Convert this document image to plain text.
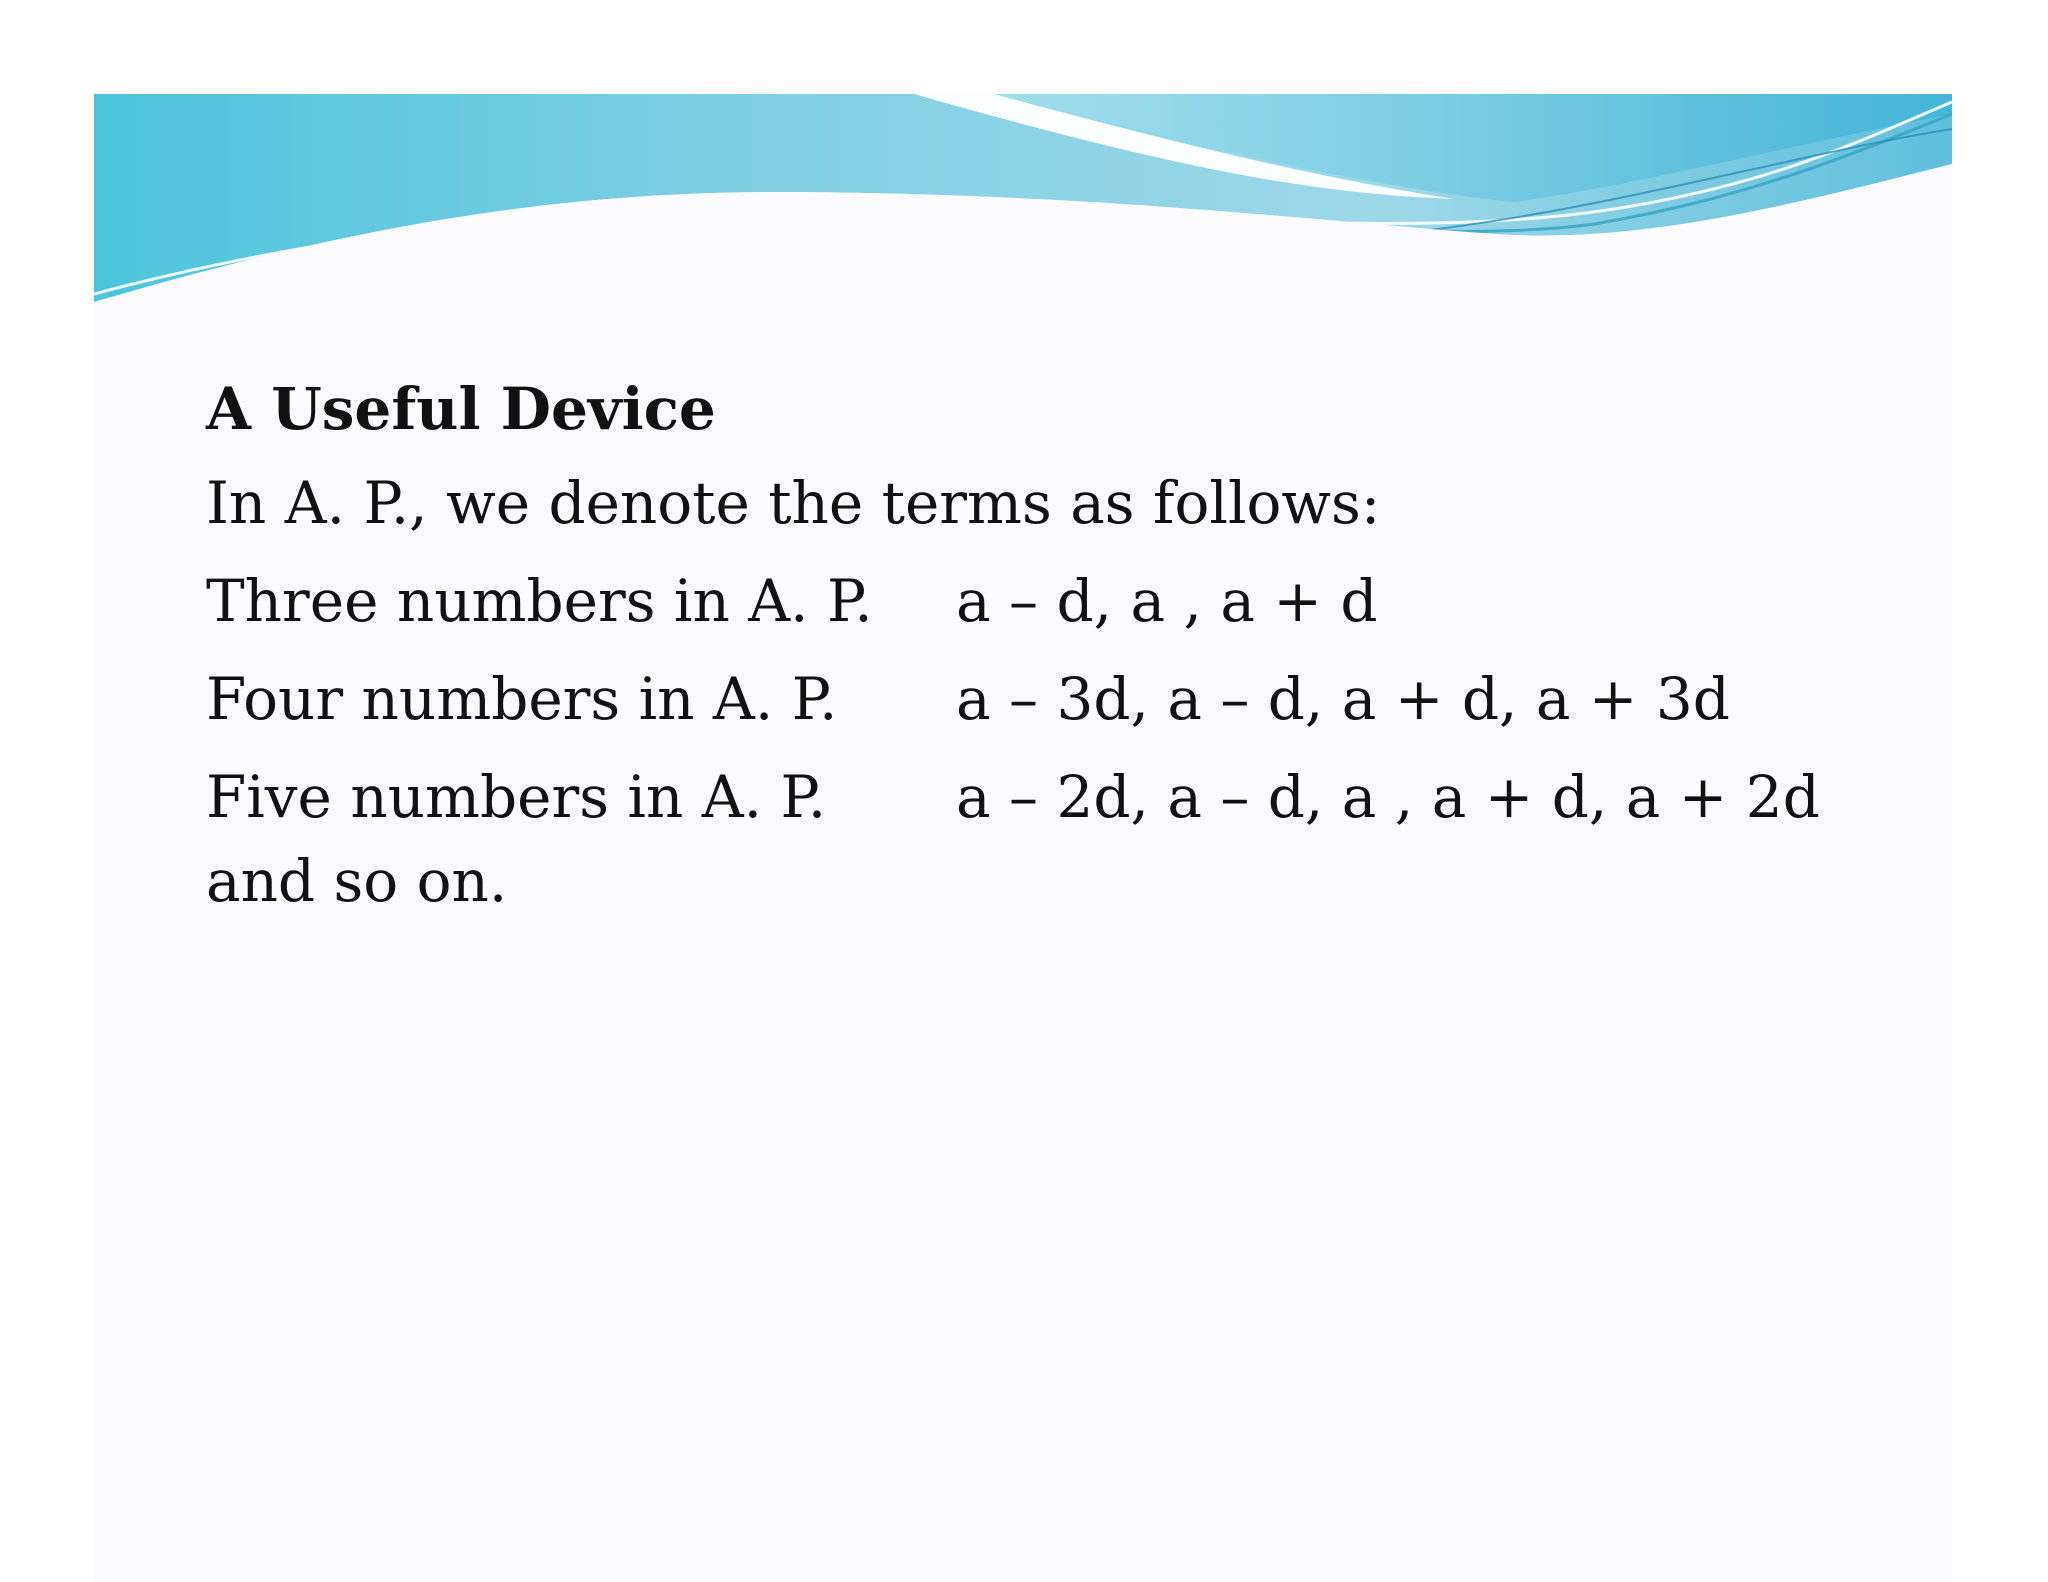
A Useful Device

In A. P., we denote the terms as follows:

Three numbers in A. P.	a – d, a , a + d
Four numbers in A. P.	a – 3d, a – d, a + d, a + 3d
Five numbers in A. P.	a – 2d, a – d, a , a + d, a + 2d

and so on.
